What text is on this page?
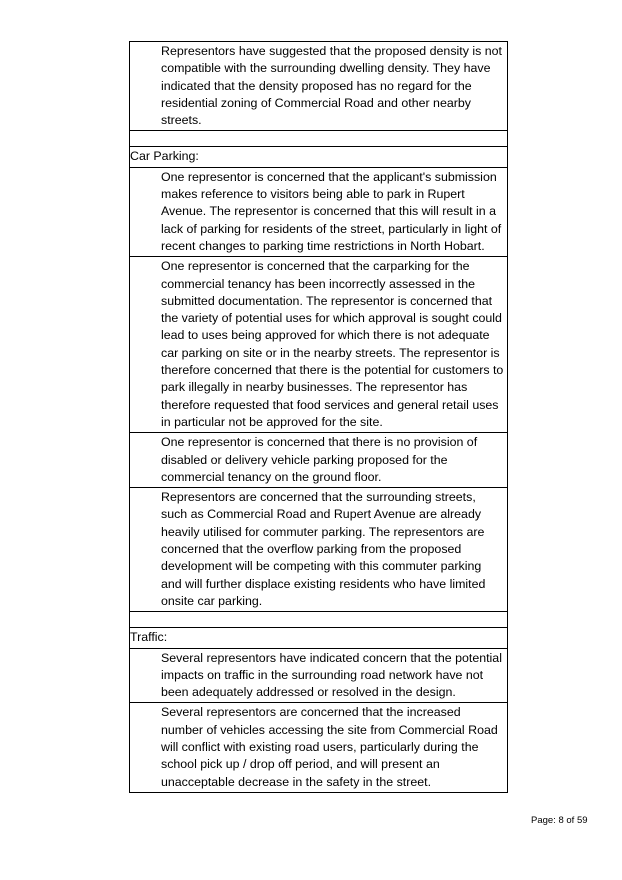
Representors have suggested that the proposed density is not compatible with the surrounding dwelling density. They have indicated that the density proposed has no regard for the residential zoning of Commercial Road and other nearby streets.
Car Parking:
One representor is concerned that the applicant's submission makes reference to visitors being able to park in Rupert Avenue. The representor is concerned that this will result in a lack of parking for residents of the street, particularly in light of recent changes to parking time restrictions in North Hobart.
One representor is concerned that the carparking for the commercial tenancy has been incorrectly assessed in the submitted documentation. The representor is concerned that the variety of potential uses for which approval is sought could lead to uses being approved for which there is not adequate car parking on site or in the nearby streets. The representor is therefore concerned that there is the potential for customers to park illegally in nearby businesses. The representor has therefore requested that food services and general retail uses in particular not be approved for the site.
One representor is concerned that there is no provision of disabled or delivery vehicle parking proposed for the commercial tenancy on the ground floor.
Representors are concerned that the surrounding streets, such as Commercial Road and Rupert Avenue are already heavily utilised for commuter parking. The representors are concerned that the overflow parking from the proposed development will be competing with this commuter parking and will further displace existing residents who have limited onsite car parking.
Traffic:
Several representors have indicated concern that the potential impacts on traffic in the surrounding road network have not been adequately addressed or resolved in the design.
Several representors are concerned that the increased number of vehicles accessing the site from Commercial Road will conflict with existing road users, particularly during the school pick up / drop off period, and will present an unacceptable decrease in the safety in the street.
Page: 8 of 59
